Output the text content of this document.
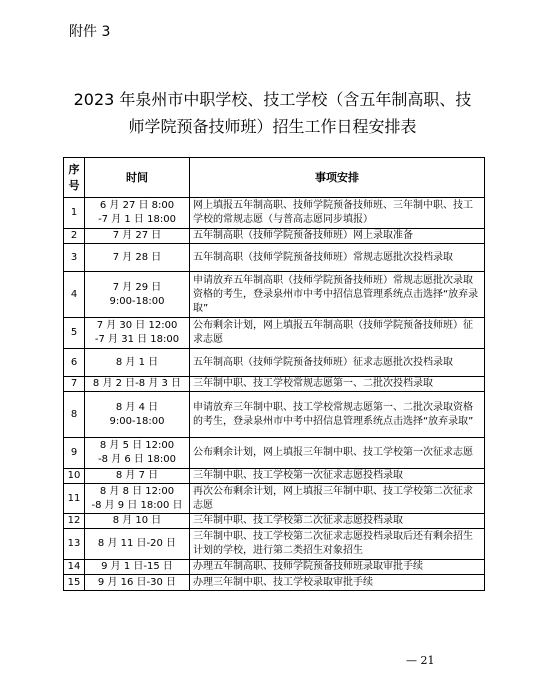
附件 3
2023 年泉州市中职学校、技工学校（含五年制高职、技
师学院预备技师班）招生工作日程安排表
序号	时间	事项安排
1	6 月 27 日 8:00
-7 月 1 日 18:00	网上填报五年制高职、技师学院预备技师班、三年制中职、技工学校的常规志愿（与普高志愿同步填报）
2	7 月 27 日	五年制高职（技师学院预备技师班）网上录取准备
3	7 月 28 日	五年制高职（技师学院预备技师班）常规志愿批次投档录取
4	7 月 29 日
9:00-18:00	申请放弃五年制高职（技师学院预备技师班）常规志愿批次录取资格的考生，登录泉州市中考中招信息管理系统点击选择“放弃录取”
5	7 月 30 日 12:00
-7 月 31 日 18:00	公布剩余计划，网上填报五年制高职（技师学院预备技师班）征求志愿
6	8 月 1 日	五年制高职（技师学院预备技师班）征求志愿批次投档录取
7	8 月 2 日-8 月 3 日	三年制中职、技工学校常规志愿第一、二批次投档录取
8	8 月 4 日
9:00-18:00	申请放弃三年制中职、技工学校常规志愿第一、二批次录取资格的考生，登录泉州市中考中招信息管理系统点击选择“放弃录取”
9	8 月 5 日 12:00
-8 月 6 日 18:00	公布剩余计划，网上填报三年制中职、技工学校第一次征求志愿
10	8 月 7 日	三年制中职、技工学校第一次征求志愿投档录取
11	8 月 8 日 12:00
-8 月 9 日 18:00 日	再次公布剩余计划，网上填报三年制中职、技工学校第二次征求志愿
12	8 月 10 日	三年制中职、技工学校第二次征求志愿投档录取
13	8 月 11 日-20 日	三年制中职、技工学校第二次征求志愿投档录取后还有剩余招生计划的学校，进行第二类招生对象招生
14	9 月 1 日-15 日	办理五年制高职、技师学院预备技师班录取审批手续
15	9 月 16 日-30 日	办理三年制中职、技工学校录取审批手续
— 21
